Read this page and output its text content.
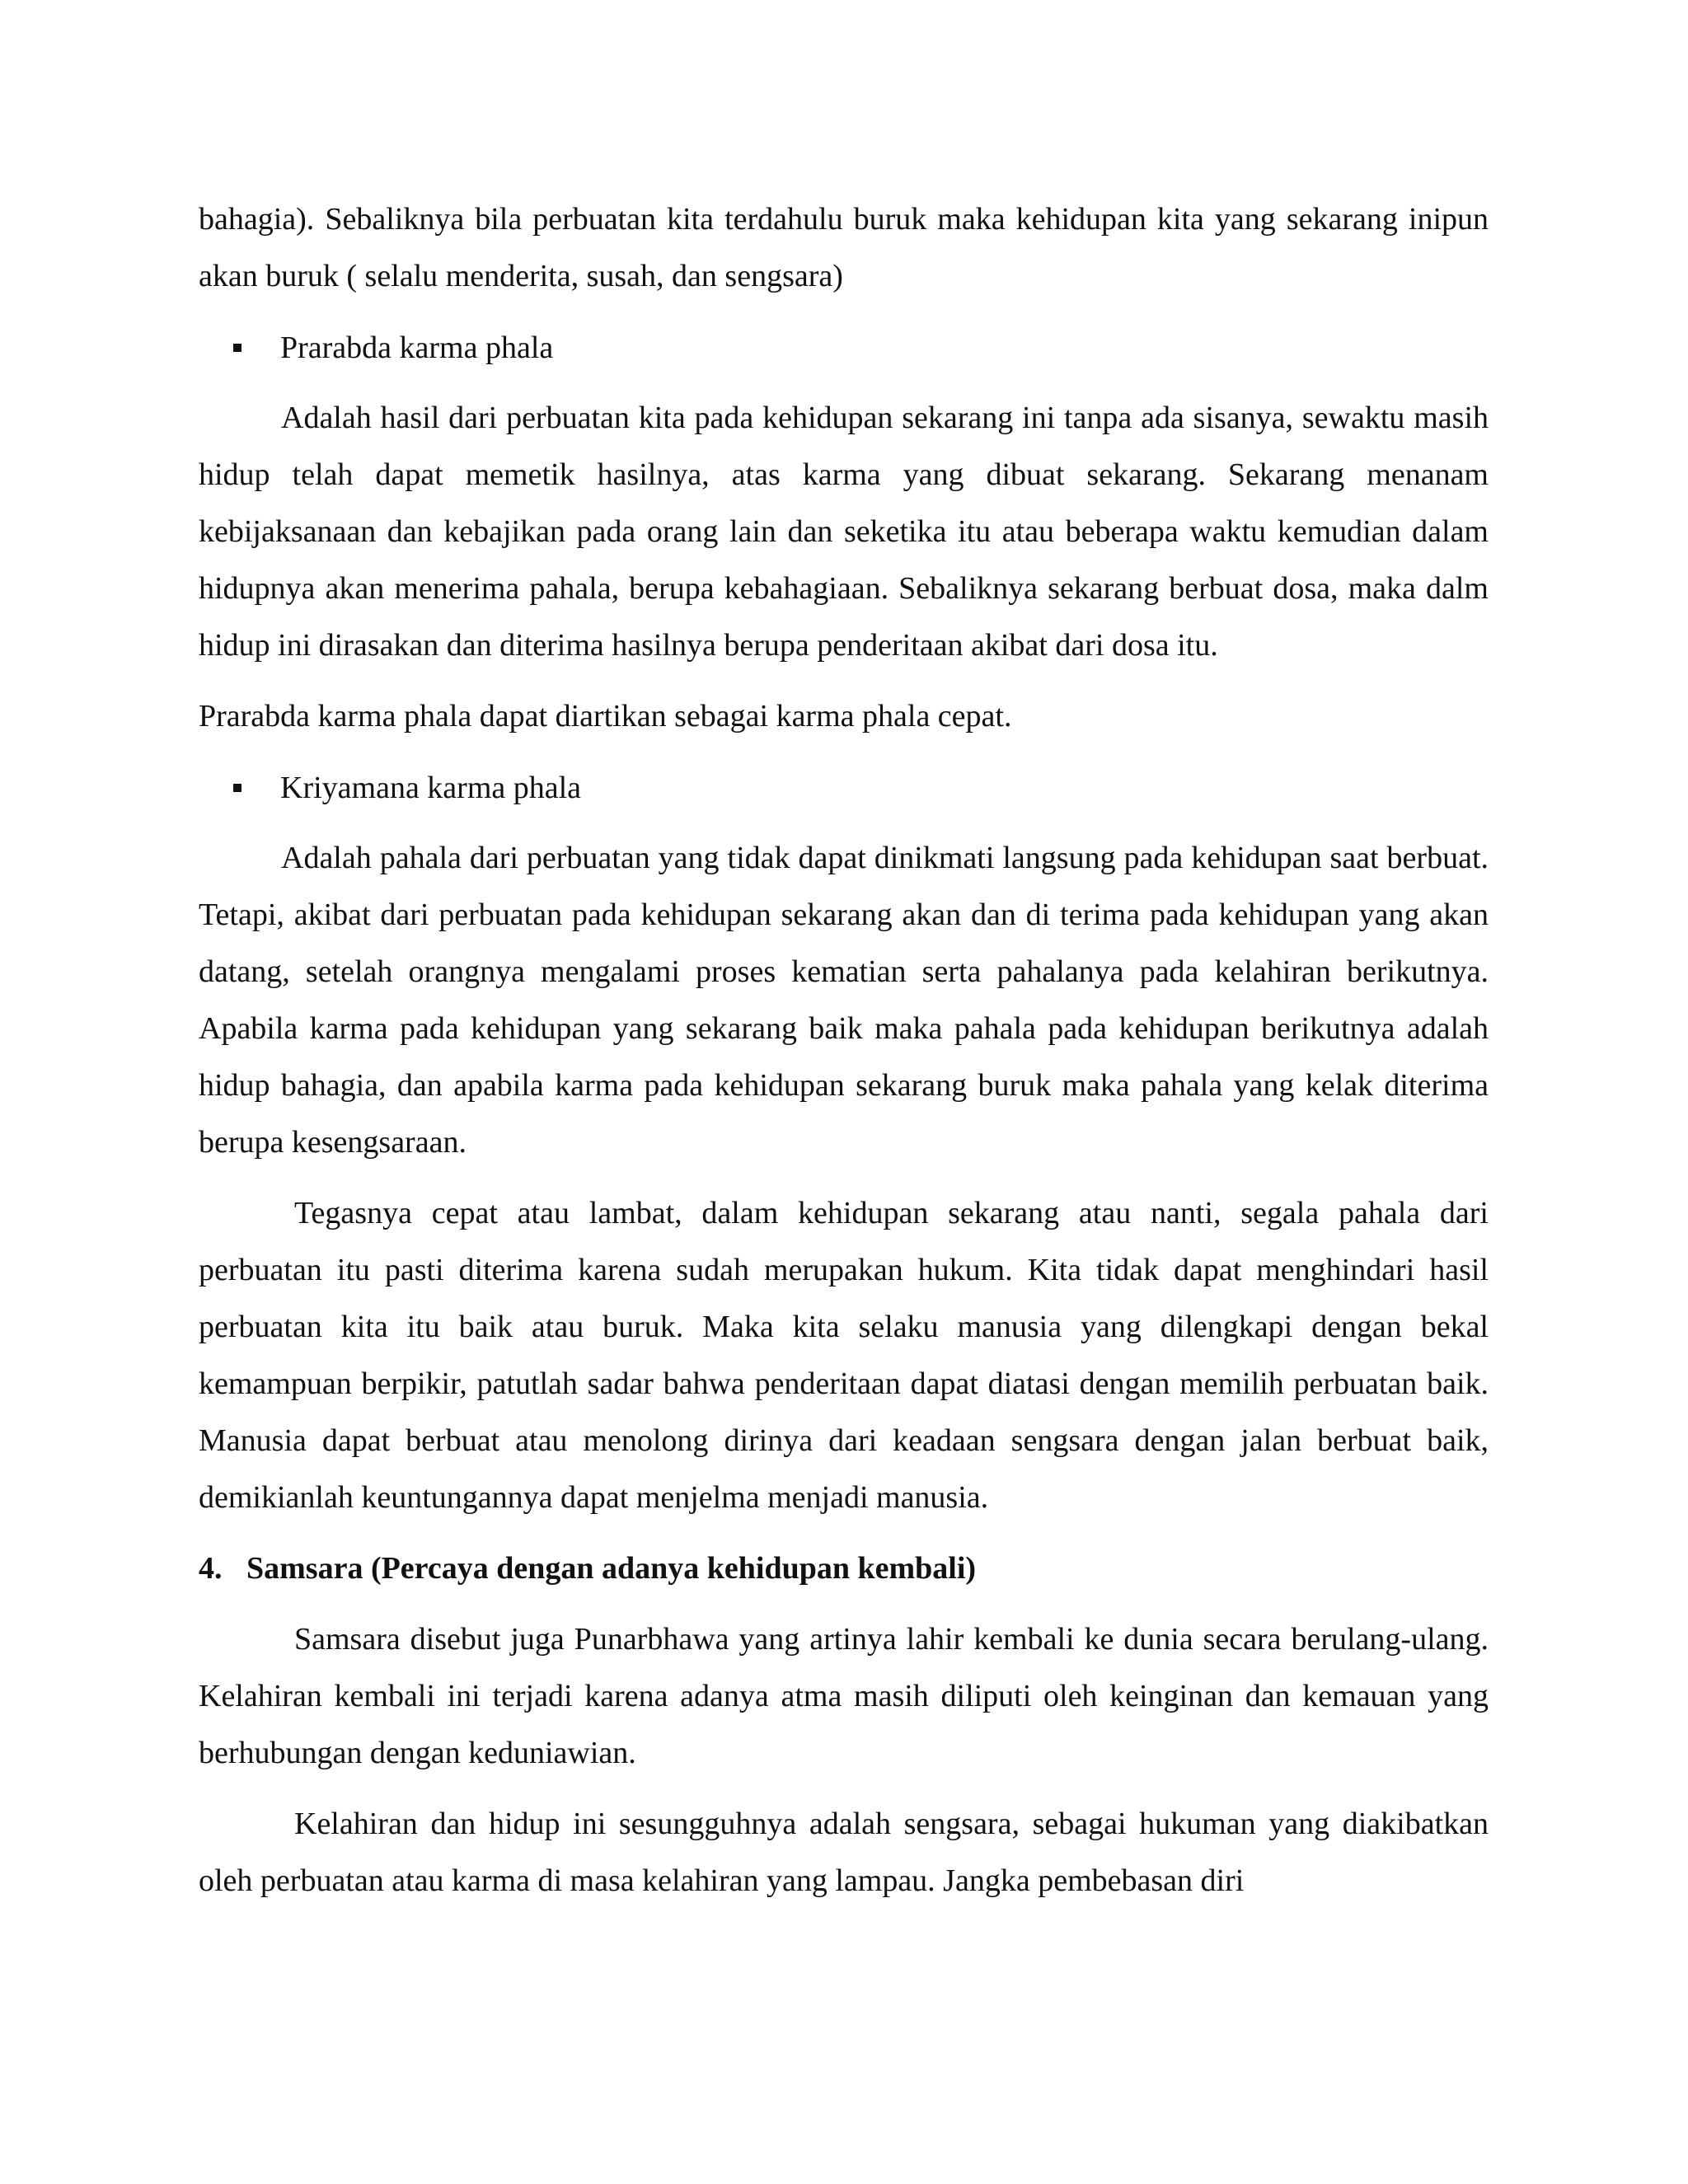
bahagia). Sebaliknya bila perbuatan kita terdahulu buruk maka kehidupan kita yang sekarang inipun akan buruk ( selalu menderita, susah, dan sengsara)

Prarabda karma phala

Adalah hasil dari perbuatan kita pada kehidupan sekarang ini tanpa ada sisanya, sewaktu masih hidup telah dapat memetik hasilnya, atas karma yang dibuat sekarang. Sekarang menanam kebijaksanaan dan kebajikan pada orang lain dan seketika itu atau beberapa waktu kemudian dalam hidupnya akan menerima pahala, berupa kebahagiaan. Sebaliknya sekarang berbuat dosa, maka dalm hidup ini dirasakan dan diterima hasilnya berupa penderitaan akibat dari dosa itu.

Prarabda karma phala dapat diartikan sebagai karma phala cepat.

Kriyamana karma phala

Adalah pahala dari perbuatan yang tidak dapat dinikmati langsung pada kehidupan saat berbuat. Tetapi, akibat dari perbuatan pada kehidupan sekarang akan dan di terima pada kehidupan yang akan datang, setelah orangnya mengalami proses kematian serta pahalanya pada kelahiran berikutnya. Apabila karma pada kehidupan yang sekarang baik maka pahala pada kehidupan berikutnya adalah hidup bahagia, dan apabila karma pada kehidupan sekarang buruk maka pahala yang kelak diterima berupa kesengsaraan.

Tegasnya cepat atau lambat, dalam kehidupan sekarang atau nanti, segala pahala dari perbuatan itu pasti diterima karena sudah merupakan hukum. Kita tidak dapat menghindari hasil perbuatan kita itu baik atau buruk. Maka kita selaku manusia yang dilengkapi dengan bekal kemampuan berpikir, patutlah sadar bahwa penderitaan dapat diatasi dengan memilih perbuatan baik. Manusia dapat berbuat atau menolong dirinya dari keadaan sengsara dengan jalan berbuat baik, demikianlah keuntungannya dapat menjelma menjadi manusia.

4. Samsara (Percaya dengan adanya kehidupan kembali)

Samsara disebut juga Punarbhawa yang artinya lahir kembali ke dunia secara berulang-ulang. Kelahiran kembali ini terjadi karena adanya atma masih diliputi oleh keinginan dan kemauan yang berhubungan dengan keduniawian.

Kelahiran dan hidup ini sesungguhnya adalah sengsara, sebagai hukuman yang diakibatkan oleh perbuatan atau karma di masa kelahiran yang lampau. Jangka pembebasan diri
